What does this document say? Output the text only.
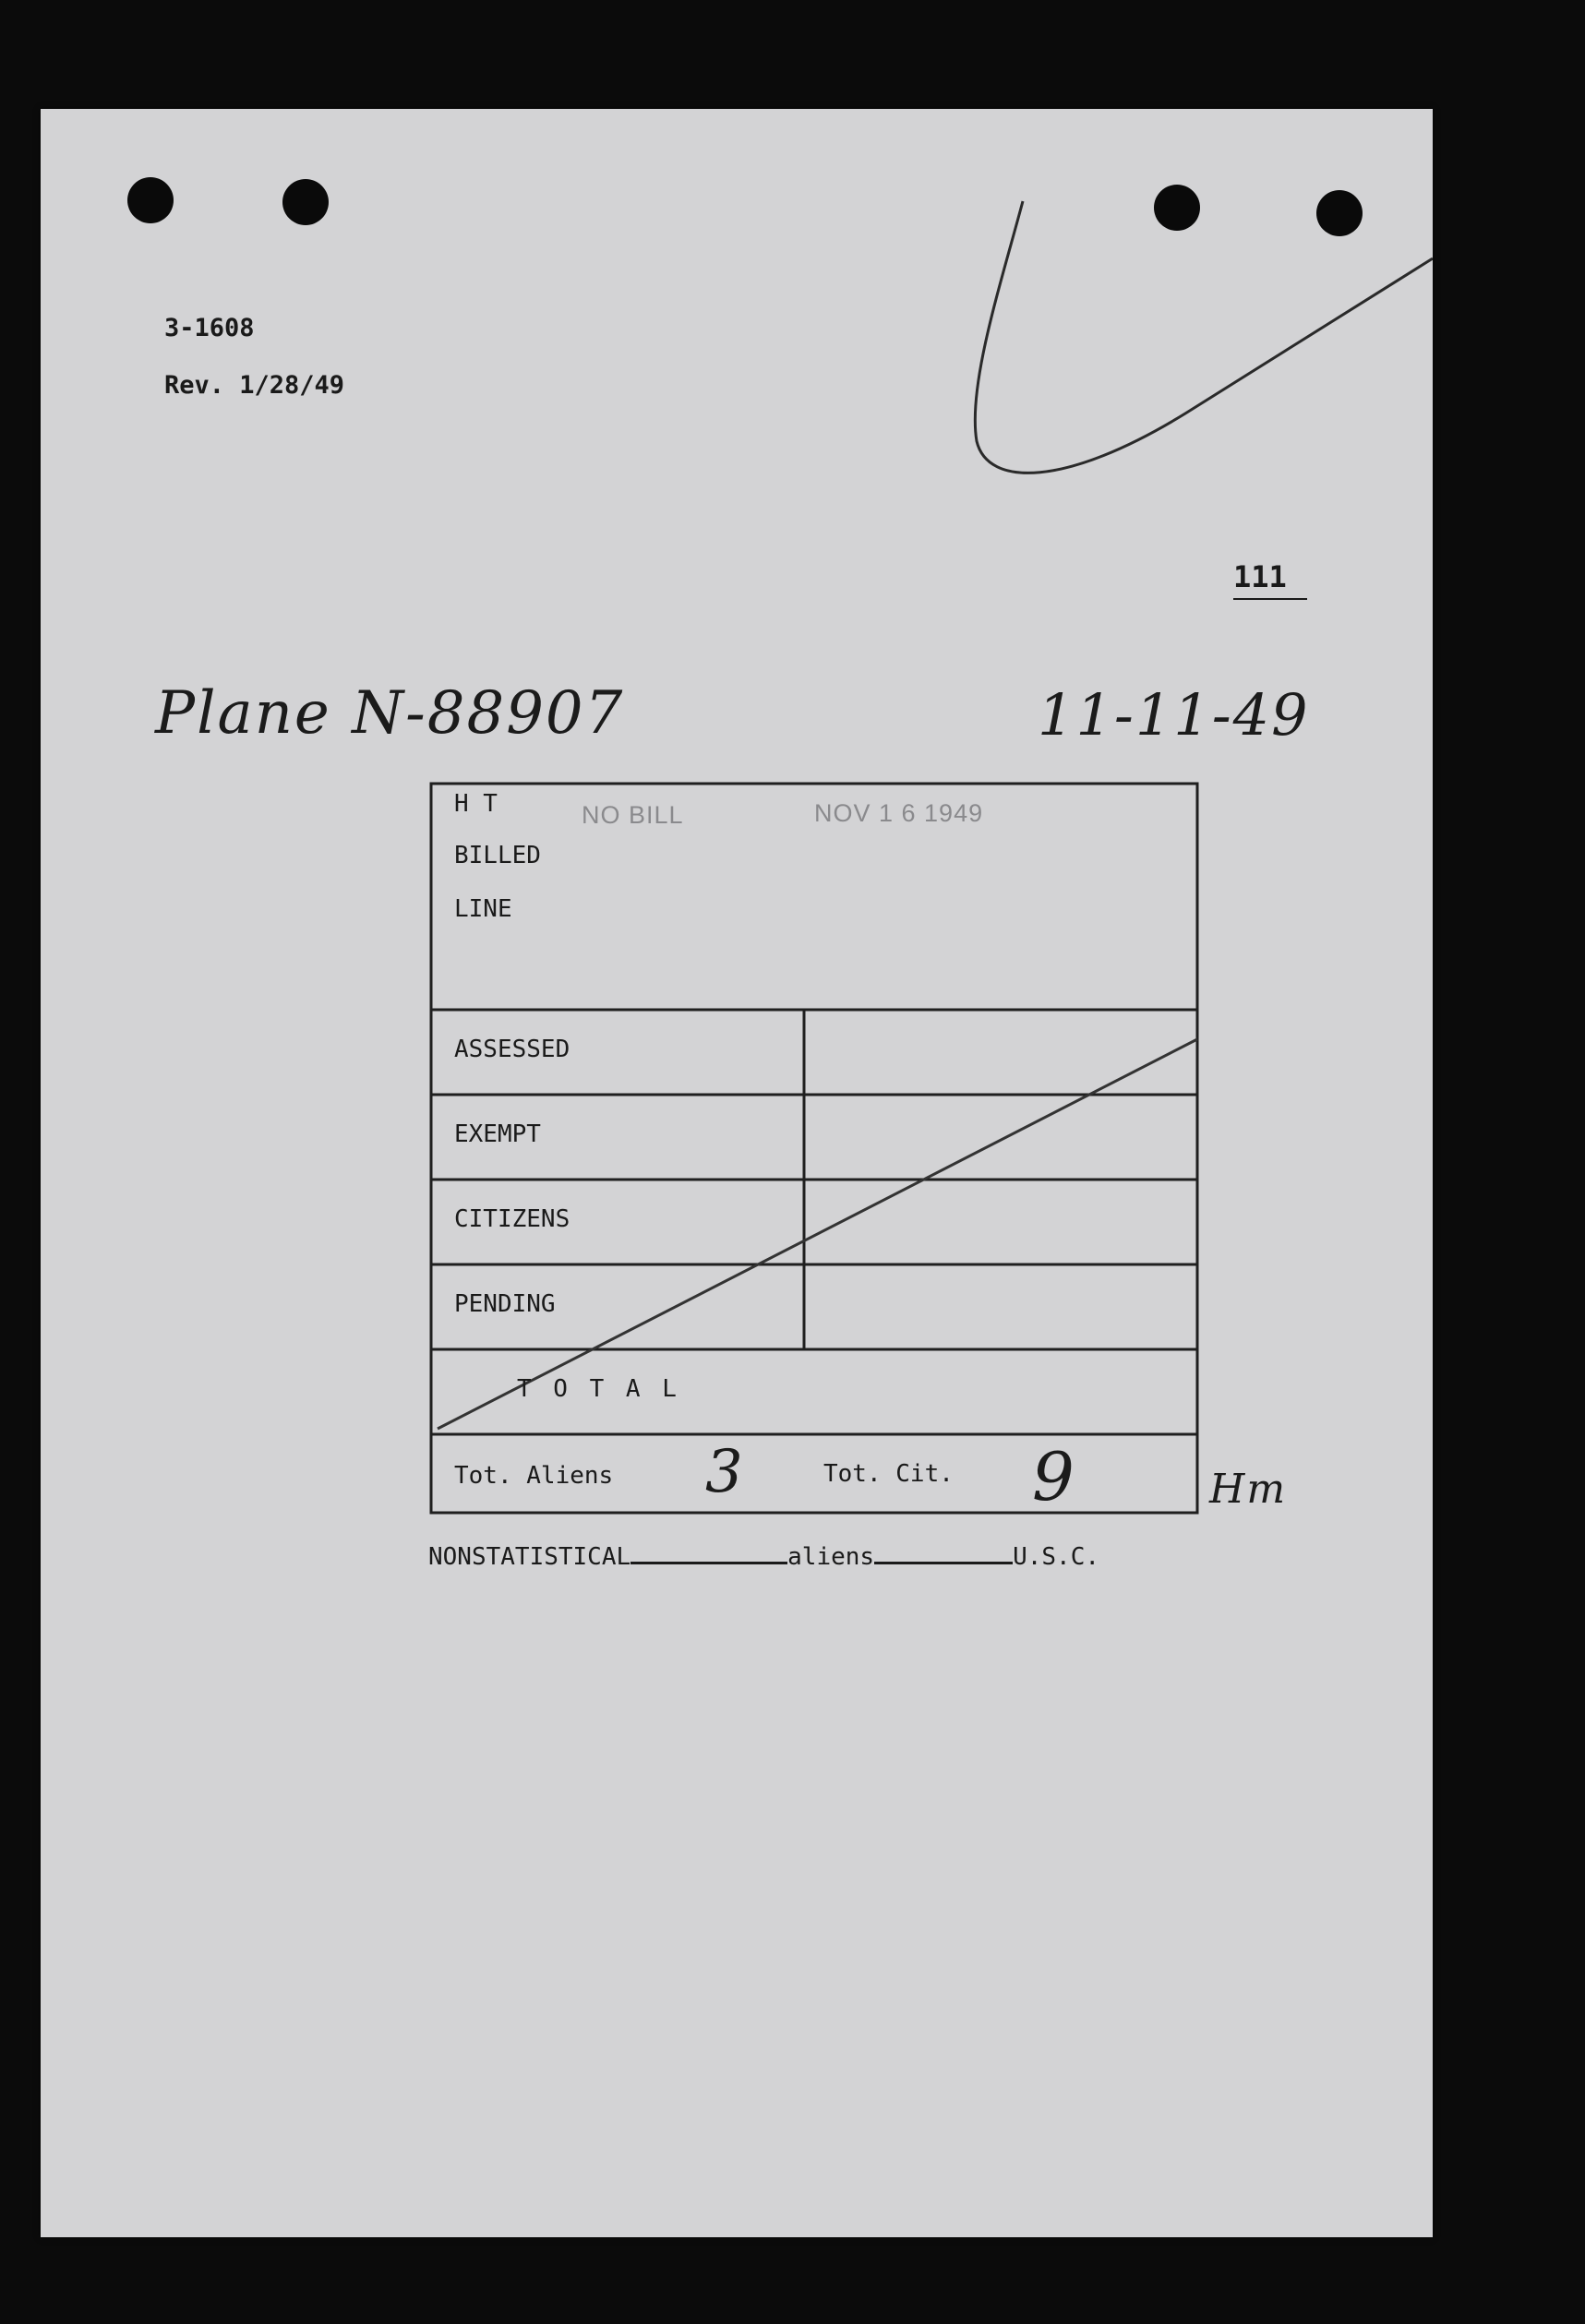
3-1608
Rev. 1/28/49
111
Plane N-88907	11-11-49
H T
BILLED
LINE
NO BILL	NOV 1 6 1949
ASSESSED
EXEMPT
CITIZENS
PENDING
T O T A L
Tot. Aliens 3	Tot. Cit. 9	Hm
NONSTATISTICAL	aliens	U.S.C.
